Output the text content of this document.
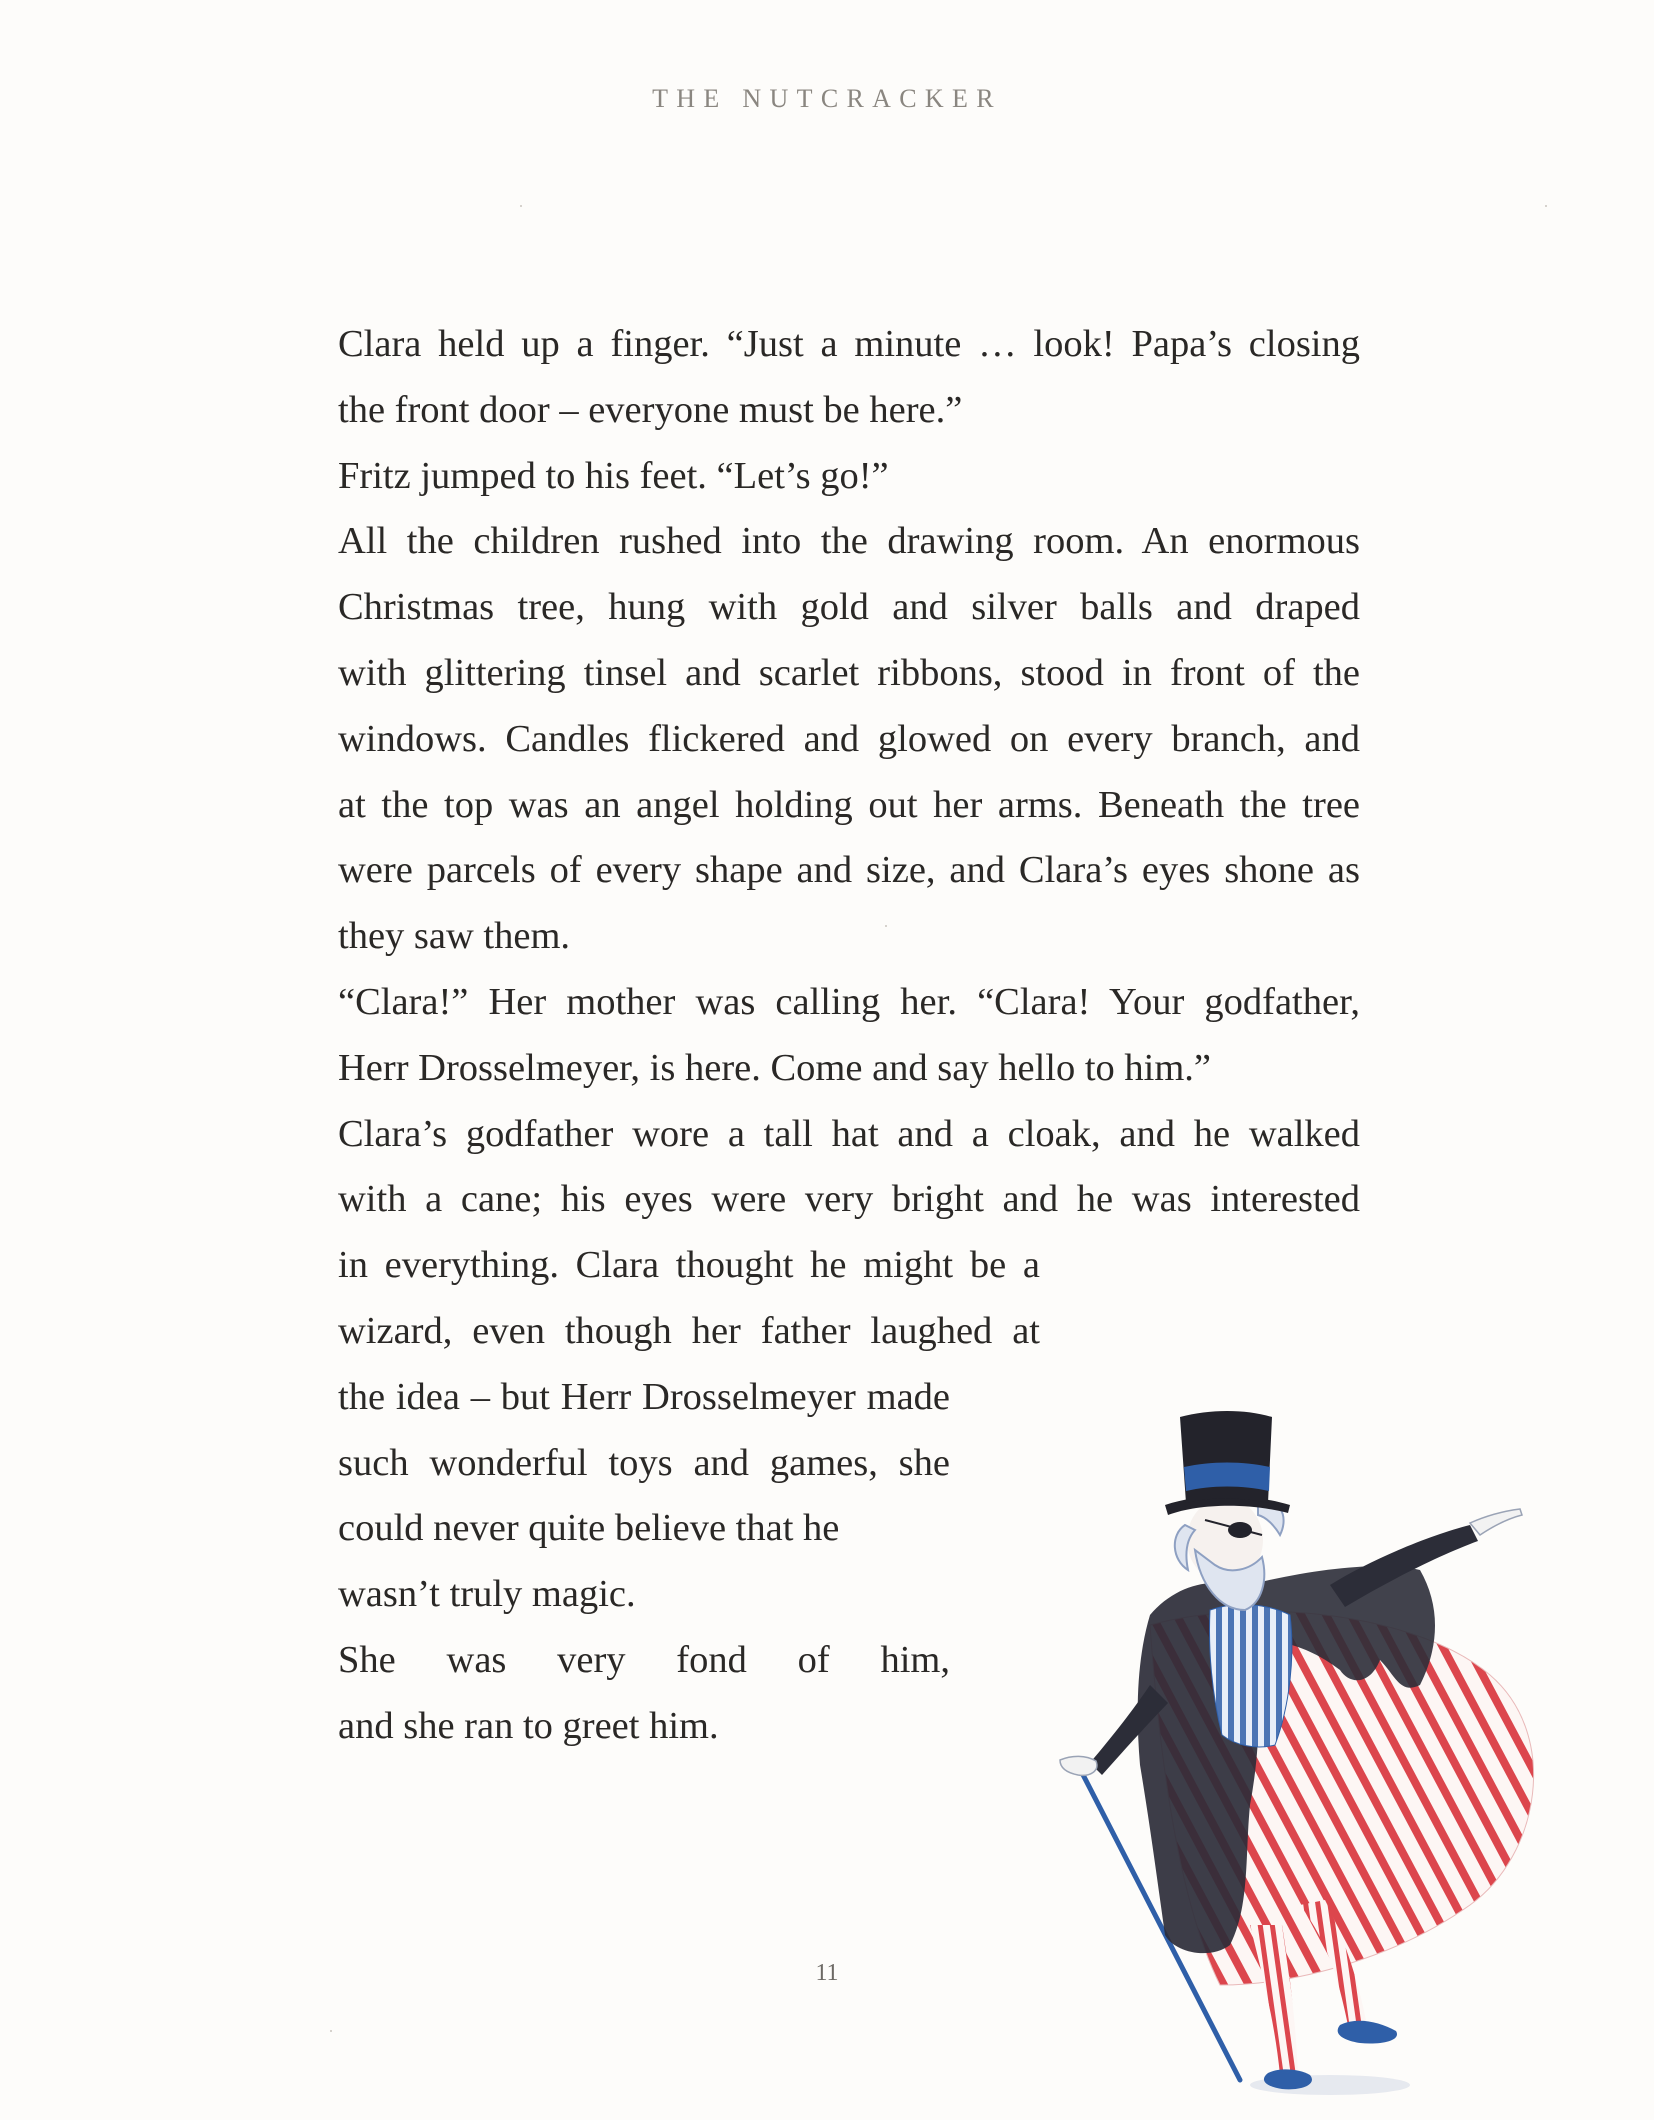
THE NUTCRACKER

Clara held up a finger. “Just a minute … look! Papa’s closing
the front door – everyone must be here.”

Fritz jumped to his feet. “Let’s go!”

All the children rushed into the drawing room. An enormous
Christmas tree, hung with gold and silver balls and draped
with glittering tinsel and scarlet ribbons, stood in front of the
windows. Candles flickered and glowed on every branch, and
at the top was an angel holding out her arms. Beneath the tree
were parcels of every shape and size, and Clara’s eyes shone as
they saw them.

“Clara!” Her mother was calling her. “Clara! Your godfather,
Herr Drosselmeyer, is here. Come and say hello to him.”

Clara’s godfather wore a tall hat and a cloak, and he walked
with a cane; his eyes were very bright and he was interested
in everything. Clara thought he might be a
wizard, even though her father laughed at
the idea – but Herr Drosselmeyer made
such wonderful toys and games, she
could never quite believe that he
wasn’t truly magic.

She was very fond of him,
and she ran to greet him.

11
